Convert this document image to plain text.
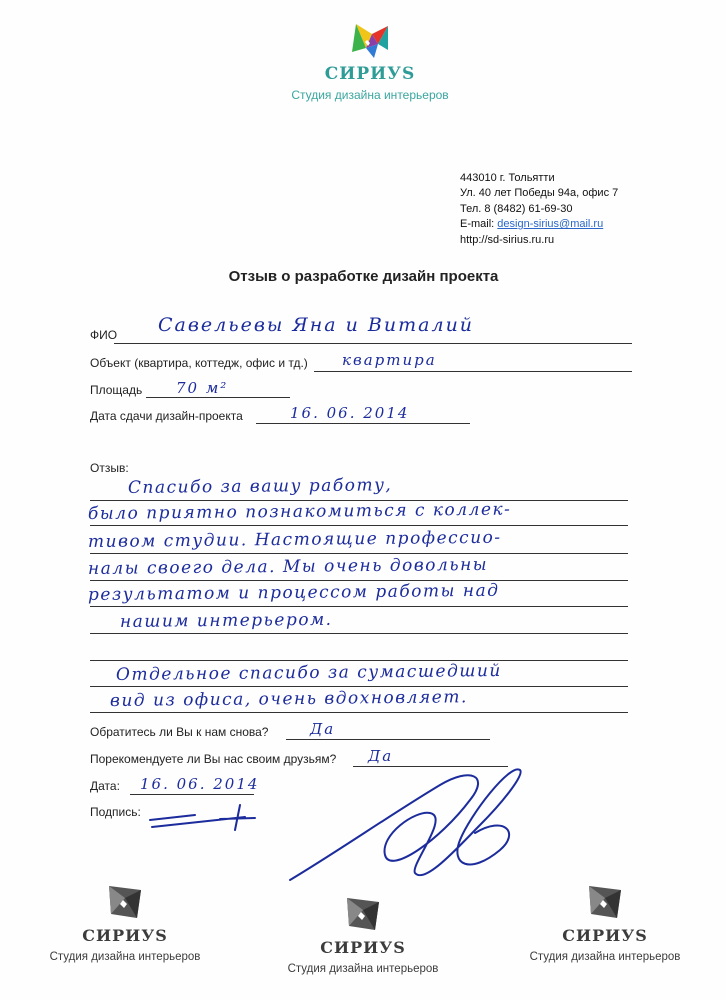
СИРИУS
Студия дизайна интерьеров
443010 г. Тольятти
Ул. 40 лет Победы 94а, офис 7
Тел. 8 (8482) 61-69-30
E-mail: design-sirius@mail.ru
http://sd-sirius.ru.ru
Отзыв о разработке дизайн проекта
ФИО Савельевы Яна и Виталий
Объект (квартира, коттедж, офис и тд.) квартира
Площадь 70 м²
Дата сдачи дизайн-проекта	16. 06. 2014
Отзыв:
Спасибо за вашу работу,
было приятно познакомиться с коллек-
тивом студии. Настоящие профессио-
налы своего дела. Мы очень довольны
результатом и процессом работы над
нашим интерьером.
Отдельное спасибо за сумасшедший
вид из офиса, очень вдохновляет.
Обратитесь ли Вы к нам снова?	Да
Порекомендуете ли Вы нас своим друзьям? Да
Дата: 16. 06. 2014
Подпись:
СИРИУS
Студия дизайна интерьеров	СИРИУS
Студия дизайна интерьеров
СИРИУS
Студия дизайна интерьеров
